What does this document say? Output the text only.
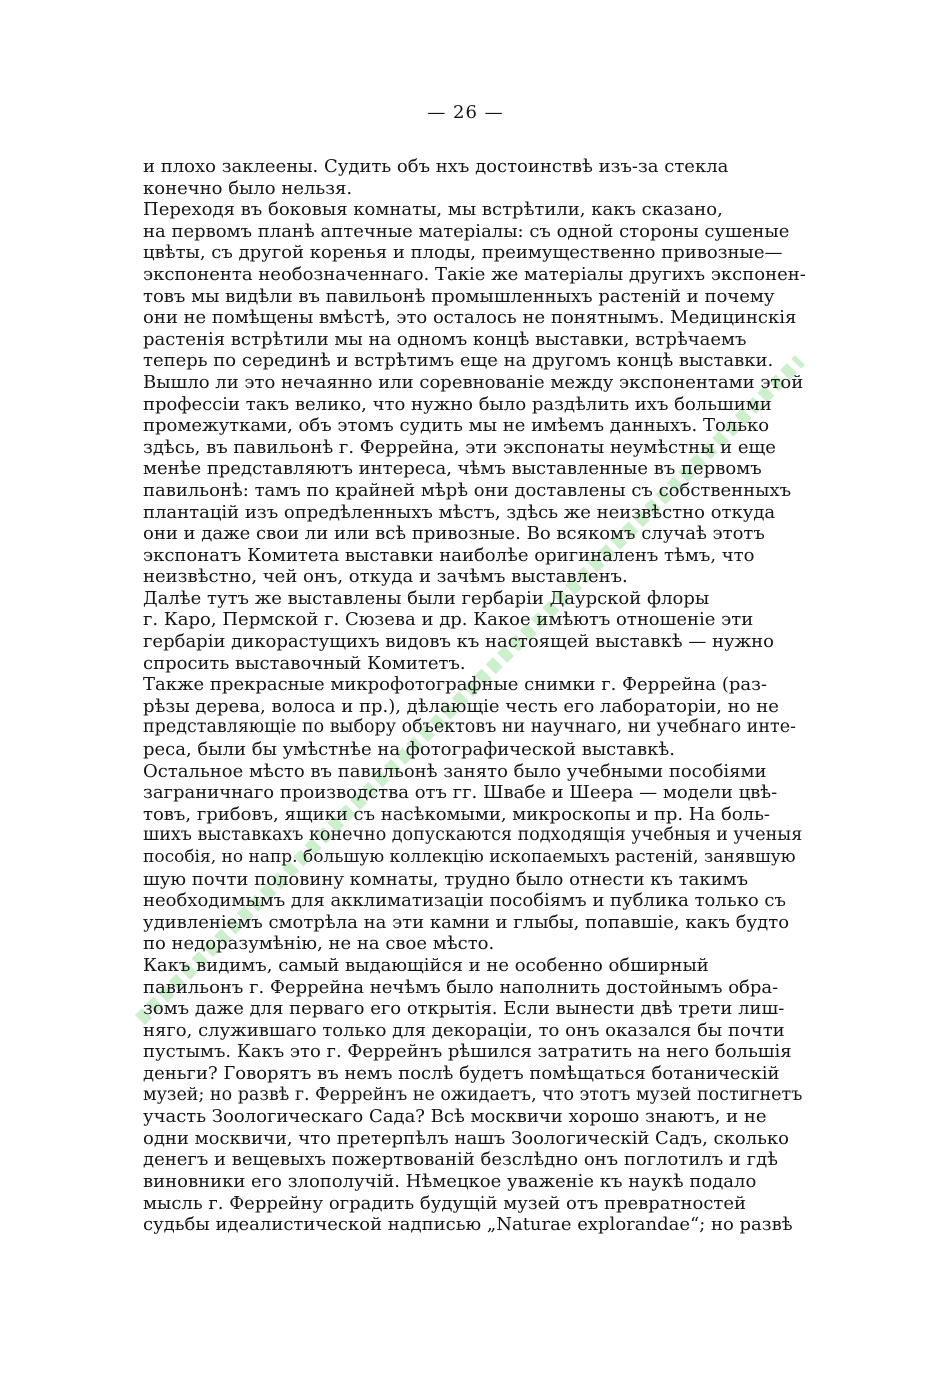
— 26 —
и плохо заклеены. Судить объ нхъ достоинствѣ изъ-за стекла
конечно было нельзя.
Переходя въ боковыя комнаты, мы встрѣтили, какъ сказано,
на первомъ планѣ аптечные матеріалы: съ одной стороны сушеные
цвѣты, съ другой коренья и плоды, преимущественно привозные—
экспонента необозначеннаго. Такіе же матеріалы другихъ экспонен-
товъ мы видѣли въ павильонѣ промышленныхъ растеній и почему
они не помѣщены вмѣстѣ, это осталось не понятнымъ. Медицинскія
растенія встрѣтили мы на одномъ концѣ выставки, встрѣчаемъ
теперь по серединѣ и встрѣтимъ еще на другомъ концѣ выставки.
Вышло ли это нечаянно или соревнованіе между экспонентами этой
профессіи такъ велико, что нужно было раздѣлить ихъ большими
промежутками, объ этомъ судить мы не имѣемъ данныхъ. Только
здѣсь, въ павильонѣ г. Феррейна, эти экспонаты неумѣстны и еще
менѣе представляютъ интереса, чѣмъ выставленные въ первомъ
павильонѣ: тамъ по крайней мѣрѣ они доставлены съ собственныхъ
плантацій изъ опредѣленныхъ мѣстъ, здѣсь же неизвѣстно откуда
они и даже свои ли или всѣ привозные. Во всякомъ случаѣ этотъ
экспонатъ Комитета выставки наиболѣе оригиналенъ тѣмъ, что
неизвѣстно, чей онъ, откуда и зачѣмъ выставленъ.
Далѣе тутъ же выставлены были гербаріи Даурской флоры
г. Каро, Пермской г. Сюзева и др. Какое имѣютъ отношеніе эти
гербаріи дикорастущихъ видовъ къ настоящей выставкѣ — нужно
спросить выставочный Комитетъ.
Также прекрасные микрофотографные снимки г. Феррейна (раз-
рѣзы дерева, волоса и пр.), дѣлающіе честь его лабораторіи, но не
представляющіе по выбору объектовъ ни научнаго, ни учебнаго инте-
реса, были бы умѣстнѣе на фотографической выставкѣ.
Остальное мѣсто въ павильонѣ занято было учебными пособіями
заграничнаго производства отъ гг. Швабе и Шеера — модели цвѣ-
товъ, грибовъ, ящики съ насѣкомыми, микроскопы и пр. На боль-
шихъ выставкахъ конечно допускаются подходящія учебныя и ученыя
пособія, но напр. большую коллекцію ископаемыхъ растеній, занявшую
шую почти половину комнаты, трудно было отнести къ такимъ
необходимымъ для акклиматизаціи пособіямъ и публика только съ
удивленіемъ смотрѣла на эти камни и глыбы, попавшіе, какъ будто
по недоразумѣнію, не на свое мѣсто.
Какъ видимъ, самый выдающійся и не особенно обширный
павильонъ г. Феррейна нечѣмъ было наполнить достойнымъ обра-
зомъ даже для перваго его открытія. Если вынести двѣ трети лиш-
няго, служившаго только для декораціи, то онъ оказался бы почти
пустымъ. Какъ это г. Феррейнъ рѣшился затратить на него большія
деньги? Говорятъ въ немъ послѣ будетъ помѣщаться ботаническій
музей; но развѣ г. Феррейнъ не ожидаетъ, что этотъ музей постигнетъ
участь Зоологическаго Сада? Всѣ москвичи хорошо знаютъ, и не
одни москвичи, что претерпѣлъ нашъ Зоологическій Садъ, сколько
денегъ и вещевыхъ пожертвованій безслѣдно онъ поглотилъ и гдѣ
виновники его злополучій. Нѣмецкое уваженіе къ наукѣ подало
мысль г. Феррейну оградить будущій музей отъ превратностей
судьбы идеалистической надписью „Naturae explorandae“; но развѣ
